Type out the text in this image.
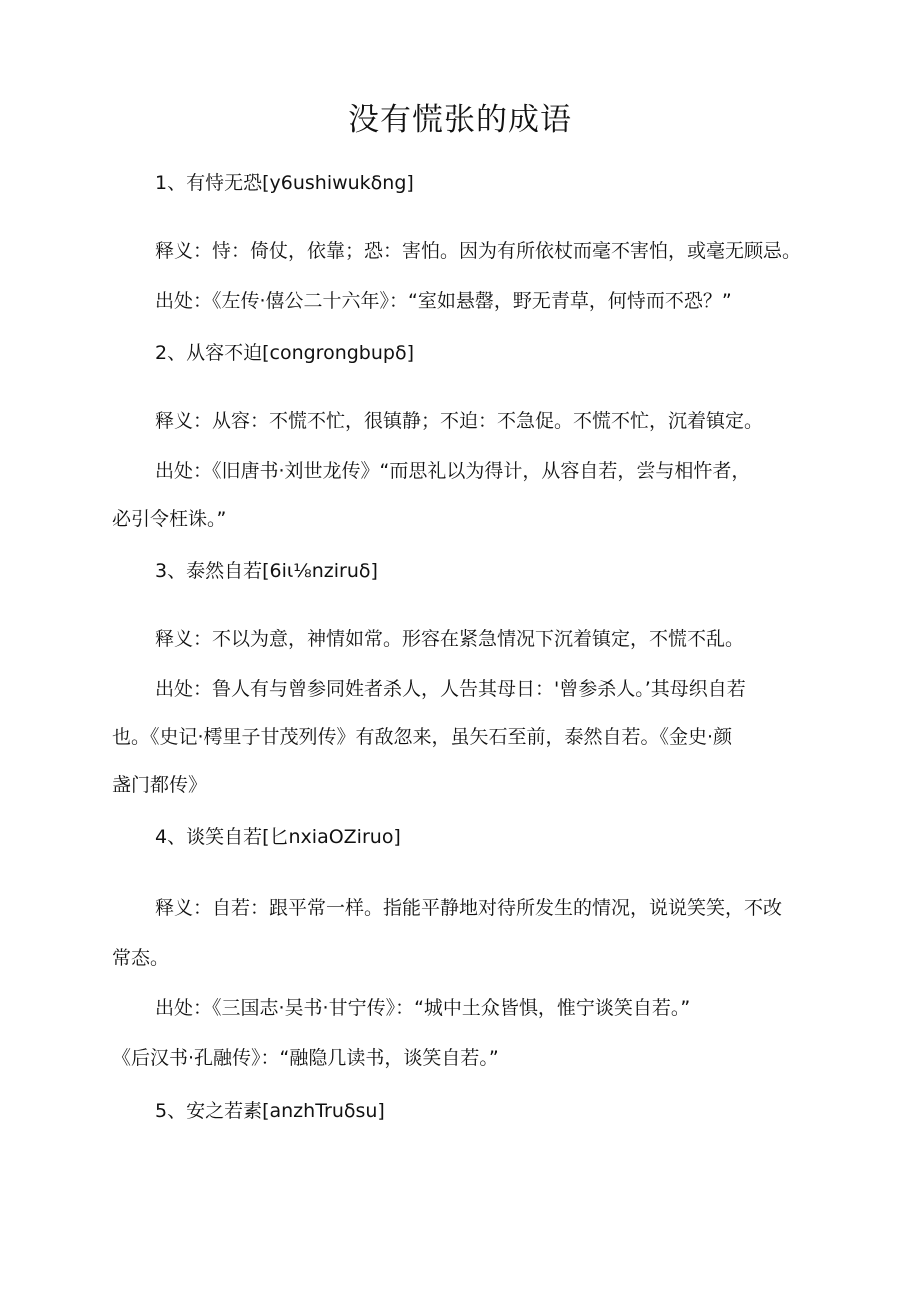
没有慌张的成语
1、有恃无恐[y6ushiwukδng]
释义：恃：倚仗，依靠；恐：害怕。因为有所依杖而毫不害怕，或毫无顾忌。
出处：《左传·僖公二十六年》：“室如悬罄，野无青草，何恃而不恐？”
2、从容不迫[congrongbupδ]
释义：从容：不慌不忙，很镇静；不迫：不急促。不慌不忙，沉着镇定。
出处：《旧唐书·刘世龙传》“而思礼以为得计，从容自若，尝与相忤者，
必引令枉诛。”
3、泰然自若[6iι⅛nziruδ]
释义：不以为意，神情如常。形容在紧急情况下沉着镇定，不慌不乱。
出处：鲁人有与曾参同姓者杀人，人告其母日：'曾参杀人。’其母织自若
也。《史记·樗里子甘茂列传》有敌忽来，虽矢石至前，泰然自若。《金史·颜
盏门都传》
4、谈笑自若[匕nxiaOZiruo]
释义：自若：跟平常一样。指能平静地对待所发生的情况，说说笑笑，不改
常态。
出处：《三国志·吴书·甘宁传》：“城中土众皆惧，惟宁谈笑自若。”
《后汉书·孔融传》：“融隐几读书，谈笑自若。”
5、安之若素[anzhTruδsu]
